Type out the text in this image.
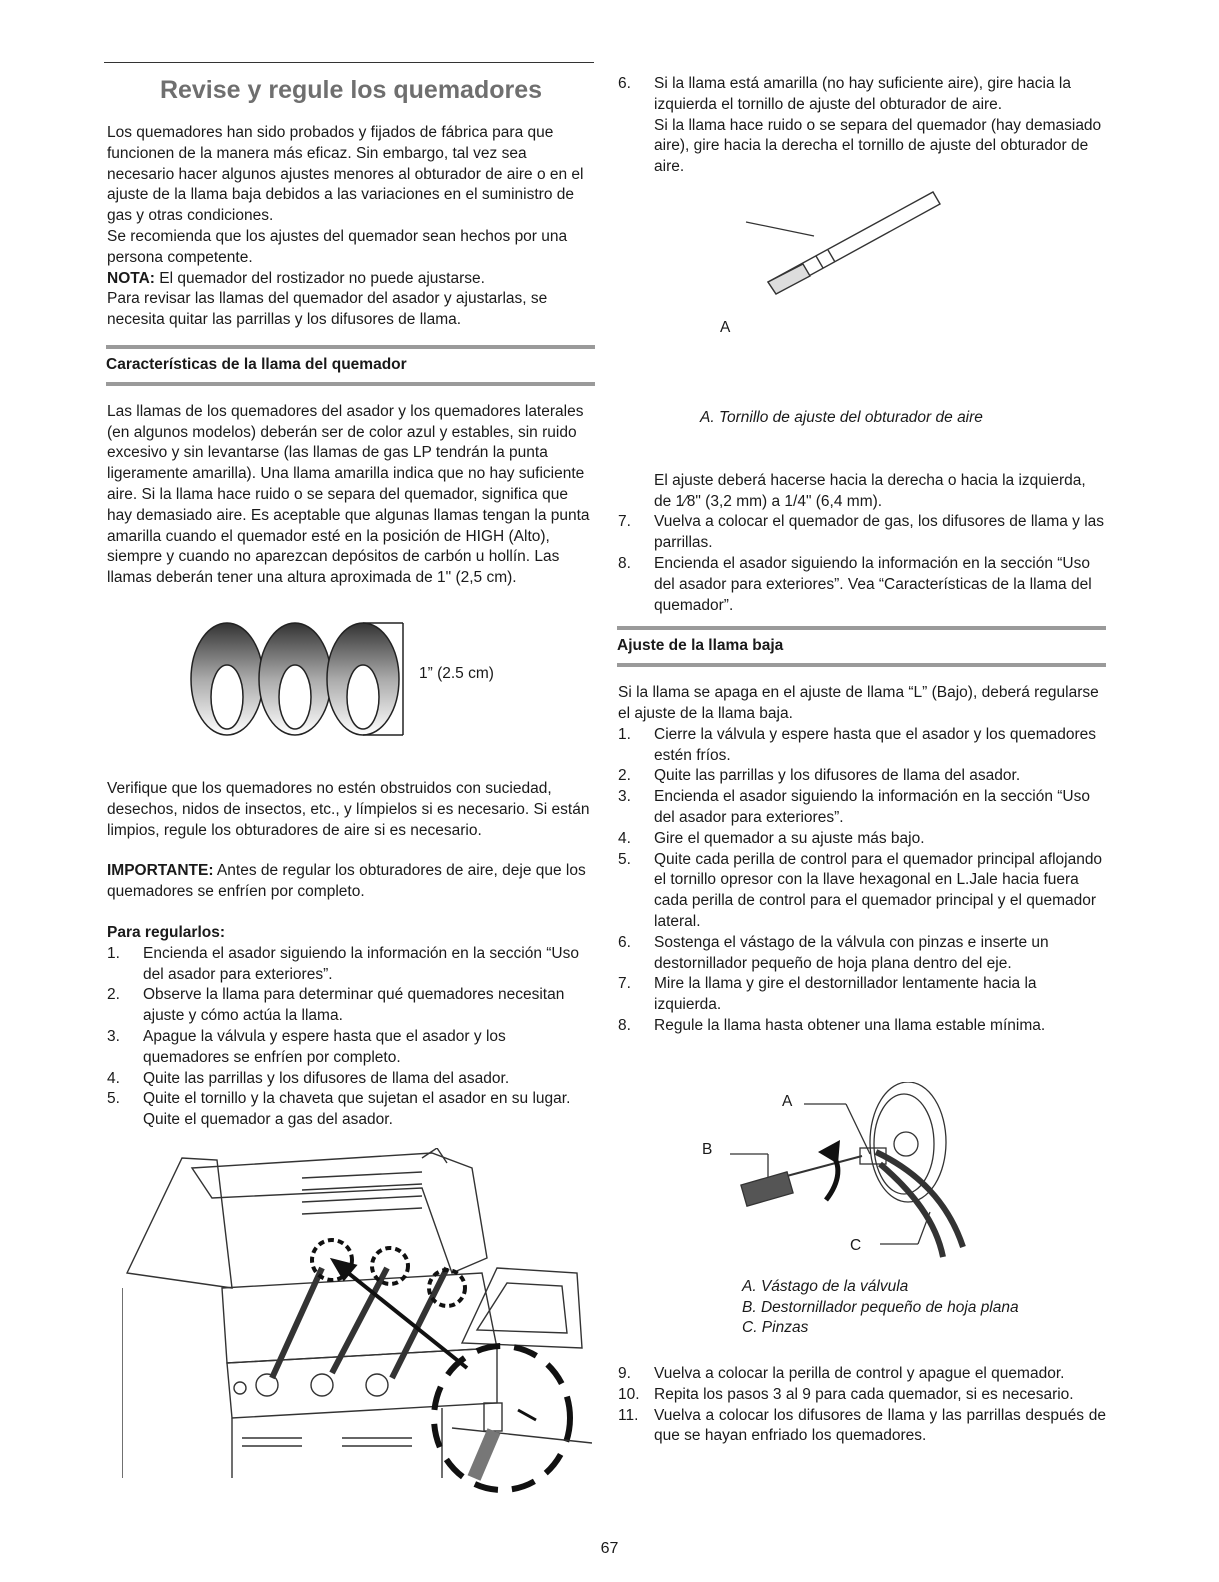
Revise y regule los quemadores

Los quemadores han sido probados y fijados de fábrica para que funcionen de la manera más eficaz. Sin embargo, tal vez sea necesario hacer algunos ajustes menores al obturador de aire o en el ajuste de la llama baja debidos a las variaciones en el suministro de gas y otras condiciones.

Se recomienda que los ajustes del quemador sean hechos por una persona competente.

NOTA: El quemador del rostizador no puede ajustarse.

Para revisar las llamas del quemador del asador y ajustarlas, se necesita quitar las parrillas y los difusores de llama.

Características de la llama del quemador

Las llamas de los quemadores del asador y los quemadores laterales (en algunos modelos) deberán ser de color azul y estables, sin ruido excesivo y sin levantarse (las llamas de gas LP tendrán la punta ligeramente amarilla). Una llama amarilla indica que no hay suficiente aire. Si la llama hace ruido o se separa del quemador, significa que hay demasiado aire. Es aceptable que algunas llamas tengan la punta amarilla cuando el quemador esté en la posición de HIGH (Alto), siempre y cuando no aparezcan depósitos de carbón u hollín. Las llamas deberán tener una altura aproximada de 1" (2,5 cm).

1” (2.5 cm)

Verifique que los quemadores no estén obstruidos con suciedad, desechos, nidos de insectos, etc., y límpielos si es necesario. Si están limpios, regule los obturadores de aire si es necesario.

IMPORTANTE: Antes de regular los obturadores de aire, deje que los quemadores se enfríen por completo.

Para regularlos:

1.	Encienda el asador siguiendo la información en la sección “Uso del asador para exteriores”.
2.	Observe la llama para determinar qué quemadores necesitan ajuste y cómo actúa la llama.
3.	Apague la válvula y espere hasta que el asador y los quemadores se enfríen por completo.
4.	Quite las parrillas y los difusores de llama del asador.
5.	Quite el tornillo y la chaveta que sujetan el asador en su lugar. Quite el quemador a gas del asador.
6.	Si la llama está amarilla (no hay suficiente aire), gire hacia la izquierda el tornillo de ajuste del obturador de aire.
Si la llama hace ruido o se separa del quemador (hay demasiado aire), gire hacia la derecha el tornillo de ajuste del obturador de aire.
A

A. Tornillo de ajuste del obturador de aire

El ajuste deberá hacerse hacia la derecha o hacia la izquierda, de 1⁄8" (3,2 mm) a 1/4" (6,4 mm).

7.	Vuelva a colocar el quemador de gas, los difusores de llama y las parrillas.
8.	Encienda el asador siguiendo la información en la sección “Uso del asador para exteriores”. Vea “Características de la llama del quemador”.
Ajuste de la llama baja

Si la llama se apaga en el ajuste de llama “L” (Bajo), deberá regularse el ajuste de la llama baja.

1.	Cierre la válvula y espere hasta que el asador y los quemadores estén fríos.
2.	Quite las parrillas y los difusores de llama del asador.
3.	Encienda el asador siguiendo la información en la sección “Uso del asador para exteriores”.
4.	Gire el quemador a su ajuste más bajo.
5.	Quite cada perilla de control para el quemador principal aflojando el tornillo opresor con la llave hexagonal en L.Jale hacia fuera cada perilla de control para el quemador principal y el quemador lateral.
6.	Sostenga el vástago de la válvula con pinzas e inserte un destornillador pequeño de hoja plana dentro del eje.
7.	Mire la llama y gire el destornillador lentamente hacia la izquierda.
8.	Regule la llama hasta obtener una llama estable mínima.
A
B
C

A. Vástago de la válvula

B. Destornillador pequeño de hoja plana

C. Pinzas

9.	Vuelva a colocar la perilla de control y apague el quemador.
10. Repita los pasos 3 al 9 para cada quemador, si es necesario.
11.	Vuelva a colocar los difusores de llama y las parrillas después de que se hayan enfriado los quemadores.
67
